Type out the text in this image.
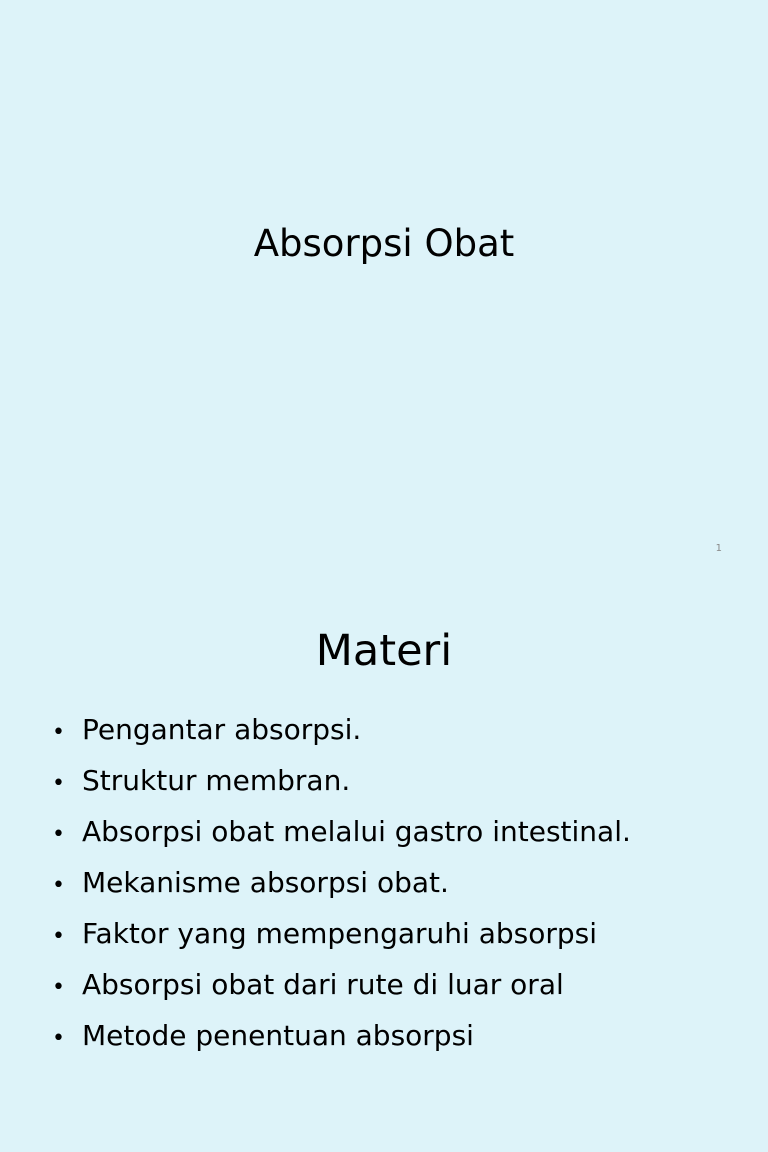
Absorpsi Obat
1
Materi
• Pengantar absorpsi.
• Struktur membran.
• Absorpsi obat melalui gastro intestinal.
• Mekanisme absorpsi obat.
• Faktor yang mempengaruhi absorpsi
• Absorpsi obat dari rute di luar oral
• Metode penentuan absorpsi
